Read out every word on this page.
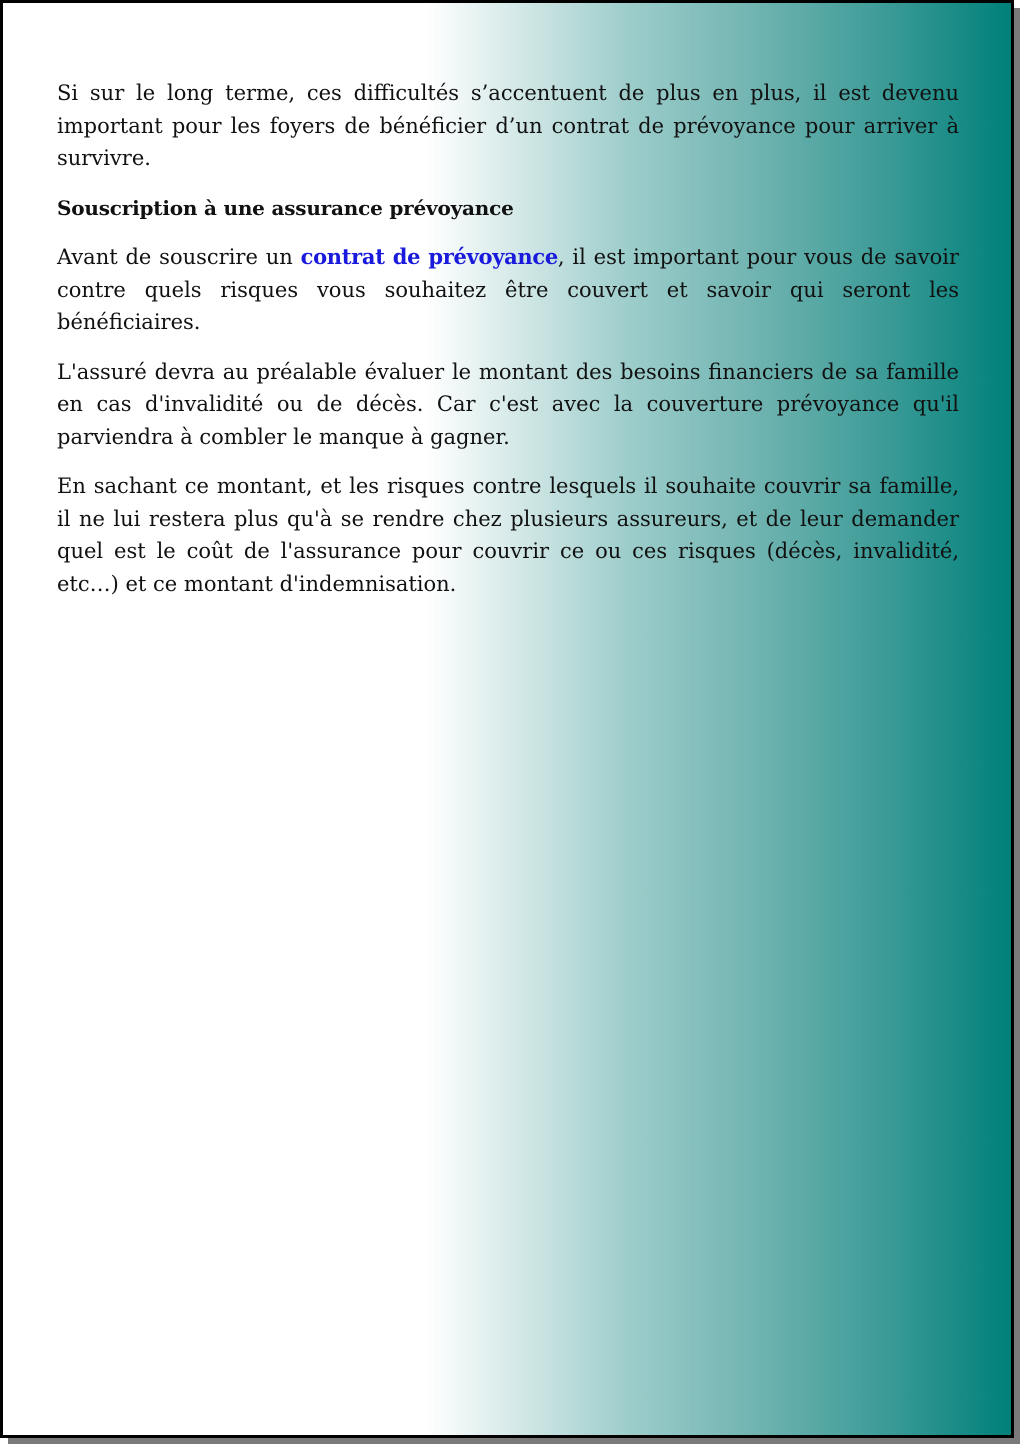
Si sur le long terme, ces difficultés s’accentuent de plus en plus, il est devenu important pour les foyers de bénéficier d’un contrat de prévoyance pour arriver à survivre.

Souscription à une assurance prévoyance

Avant de souscrire un contrat de prévoyance, il est important pour vous de savoir contre quels risques vous souhaitez être couvert et savoir qui seront les bénéficiaires.

L'assuré devra au préalable évaluer le montant des besoins financiers de sa famille en cas d'invalidité ou de décès. Car c'est avec la couverture prévoyance qu'il parviendra à combler le manque à gagner.

En sachant ce montant, et les risques contre lesquels il souhaite couvrir sa famille, il ne lui restera plus qu'à se rendre chez plusieurs assureurs, et de leur demander quel est le coût de l'assurance pour couvrir ce ou ces risques (décès, invalidité, etc…) et ce montant d'indemnisation.
